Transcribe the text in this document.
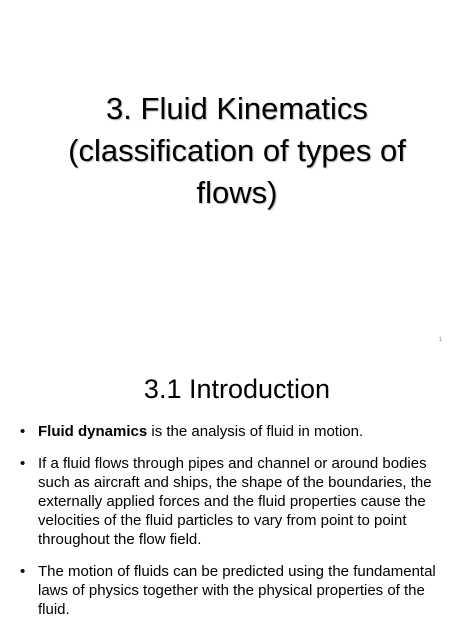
3. Fluid Kinematics
(classification of types of
flows)
1
3.1 Introduction
• Fluid dynamics is the analysis of fluid in motion.
• If a fluid flows through pipes and channel or around bodies such as aircraft and ships, the shape of the boundaries, the externally applied forces and the fluid properties cause the velocities of the fluid particles to vary from point to point throughout the flow field.
• The motion of fluids can be predicted using the fundamental laws of physics together with the physical properties of the fluid.
